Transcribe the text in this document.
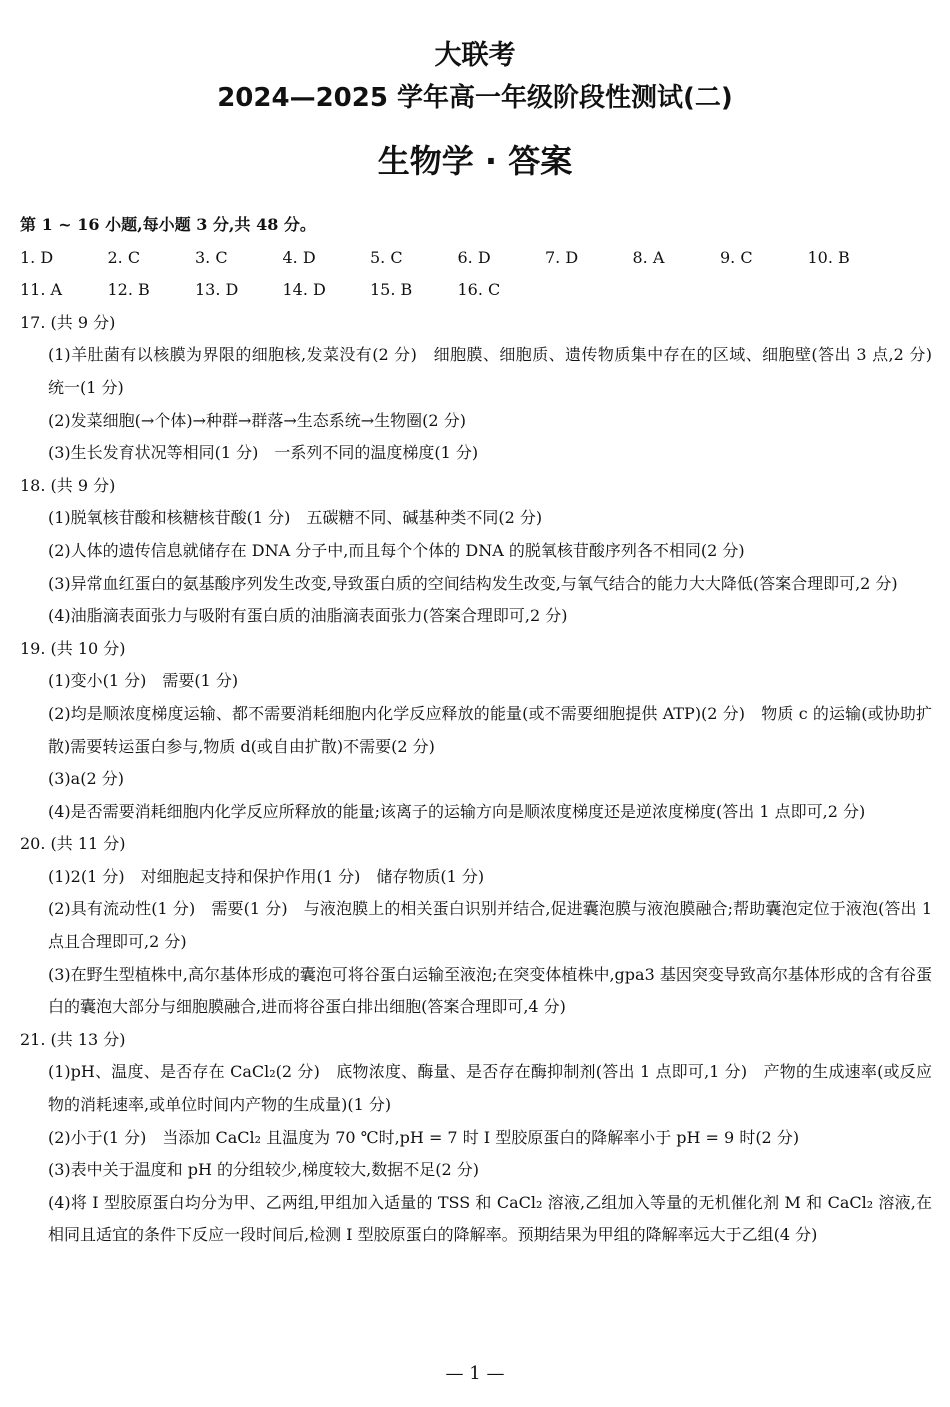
大联考
2024—2025 学年高一年级阶段性测试(二)
生物学 · 答案
第 1 ~ 16 小题,每小题 3 分,共 48 分。
1. D	2. C	3. C	4. D	5. C	6. D	7. D	8. A	9. C	10. B
11. A	12. B	13. D	14. D	15. B	16. C
17. (共 9 分)
(1)羊肚菌有以核膜为界限的细胞核,发菜没有(2 分)　细胞膜、细胞质、遗传物质集中存在的区域、细胞壁(答出 3 点,2 分)　统一(1 分)
(2)发菜细胞(→个体)→种群→群落→生态系统→生物圈(2 分)
(3)生长发育状况等相同(1 分)　一系列不同的温度梯度(1 分)
18. (共 9 分)
(1)脱氧核苷酸和核糖核苷酸(1 分)　五碳糖不同、碱基种类不同(2 分)
(2)人体的遗传信息就储存在 DNA 分子中,而且每个个体的 DNA 的脱氧核苷酸序列各不相同(2 分)
(3)异常血红蛋白的氨基酸序列发生改变,导致蛋白质的空间结构发生改变,与氧气结合的能力大大降低(答案合理即可,2 分)
(4)油脂滴表面张力与吸附有蛋白质的油脂滴表面张力(答案合理即可,2 分)
19. (共 10 分)
(1)变小(1 分)　需要(1 分)
(2)均是顺浓度梯度运输、都不需要消耗细胞内化学反应释放的能量(或不需要细胞提供 ATP)(2 分)　物质 c 的运输(或协助扩散)需要转运蛋白参与,物质 d(或自由扩散)不需要(2 分)
(3)a(2 分)
(4)是否需要消耗细胞内化学反应所释放的能量;该离子的运输方向是顺浓度梯度还是逆浓度梯度(答出 1 点即可,2 分)
20. (共 11 分)
(1)2(1 分)　对细胞起支持和保护作用(1 分)　储存物质(1 分)
(2)具有流动性(1 分)　需要(1 分)　与液泡膜上的相关蛋白识别并结合,促进囊泡膜与液泡膜融合;帮助囊泡定位于液泡(答出 1 点且合理即可,2 分)
(3)在野生型植株中,高尔基体形成的囊泡可将谷蛋白运输至液泡;在突变体植株中,gpa3 基因突变导致高尔基体形成的含有谷蛋白的囊泡大部分与细胞膜融合,进而将谷蛋白排出细胞(答案合理即可,4 分)
21. (共 13 分)
(1)pH、温度、是否存在 CaCl₂(2 分)　底物浓度、酶量、是否存在酶抑制剂(答出 1 点即可,1 分)　产物的生成速率(或反应物的消耗速率,或单位时间内产物的生成量)(1 分)
(2)小于(1 分)　当添加 CaCl₂ 且温度为 70 ℃时,pH = 7 时 Ⅰ 型胶原蛋白的降解率小于 pH = 9 时(2 分)
(3)表中关于温度和 pH 的分组较少,梯度较大,数据不足(2 分)
(4)将 Ⅰ 型胶原蛋白均分为甲、乙两组,甲组加入适量的 TSS 和 CaCl₂ 溶液,乙组加入等量的无机催化剂 M 和 CaCl₂ 溶液,在相同且适宜的条件下反应一段时间后,检测 Ⅰ 型胶原蛋白的降解率。预期结果为甲组的降解率远大于乙组(4 分)
— 1 —
